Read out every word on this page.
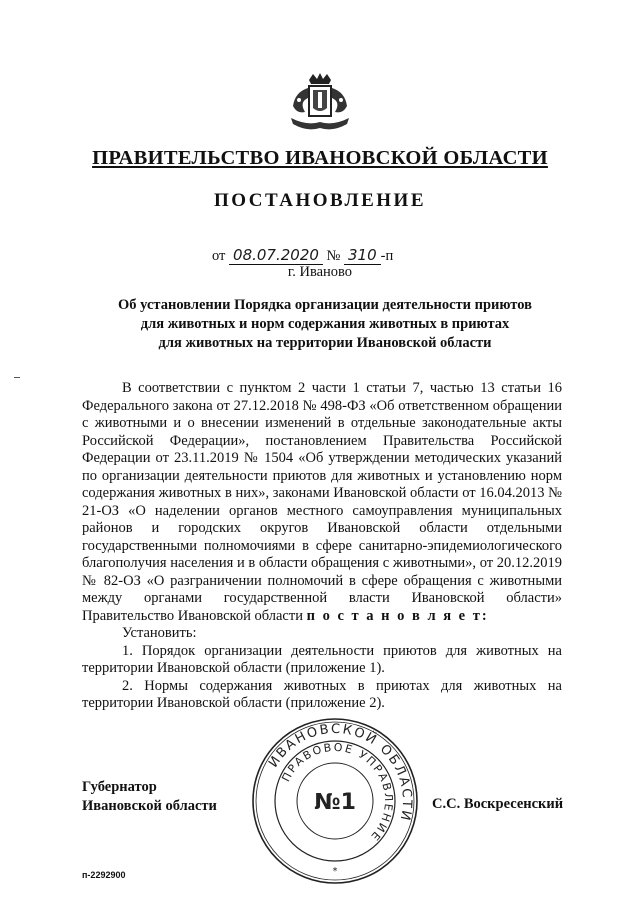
ПРАВИТЕЛЬСТВО ИВАНОВСКОЙ ОБЛАСТИ
ПОСТАНОВЛЕНИЕ
от 08.07.2020 № 310 -п
г. Иваново
Об установлении Порядка организации деятельности приютов
для животных и норм содержания животных в приютах
для животных на территории Ивановской области

В соответствии с пунктом 2 части 1 статьи 7, частью 13 статьи 16 Федерального закона от 27.12.2018 № 498-ФЗ «Об ответственном обращении с животными и о внесении изменений в отдельные законодательные акты Российской Федерации», постановлением Правительства Российской Федерации от 23.11.2019 № 1504 «Об утверждении методических указаний по организации деятельности приютов для животных и установлению норм содержания животных в них», законами Ивановской области от 16.04.2013 № 21-ОЗ «О наделении органов местного самоуправления муниципальных районов и городских округов Ивановской области отдельными государственными полномочиями в сфере санитарно-эпидемиологического благополучия населения и в области обращения с животными», от 20.12.2019 № 82-ОЗ «О разграничении полномочий в сфере обращения с животными между органами государственной власти Ивановской области» Правительство Ивановской области п о с т а н о в л я е т:

Установить:

1. Порядок организации деятельности приютов для животных на территории Ивановской области (приложение 1).

2. Нормы содержания животных в приютах для животных на территории Ивановской области (приложение 2).

Губернатор
Ивановской области	С.С. Воскресенский
ИВАНОВСКОЙ ОБЛАСТИ
ПРАВОВОЕ УПРАВЛЕНИЕ
№1
*
п-2292900
